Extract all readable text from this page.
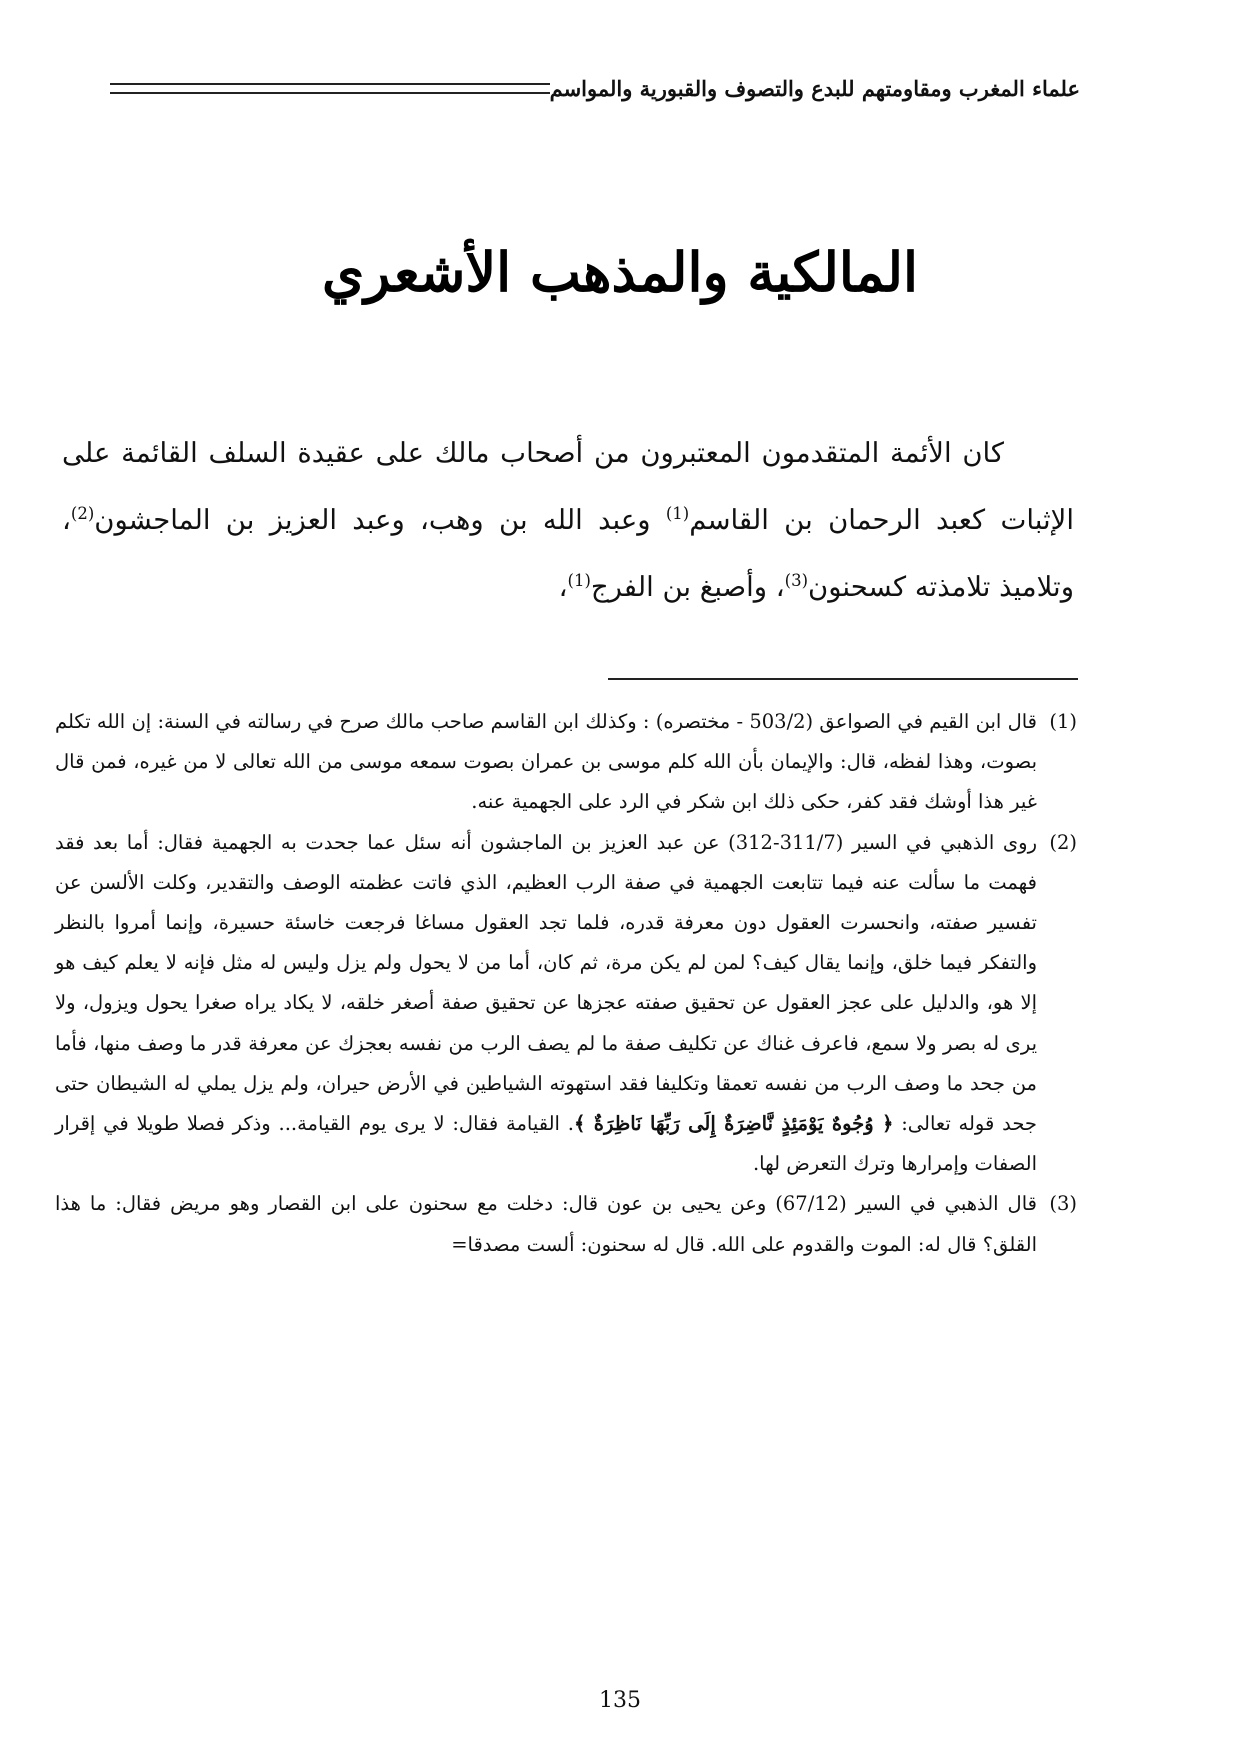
علماء المغرب ومقاومتهم للبدع والتصوف والقبورية والمواسم
المالكية والمذهب الأشعري

كان الأئمة المتقدمون المعتبرون من أصحاب مالك على عقيدة السلف القائمة على الإثبات كعبد الرحمان بن القاسم$^{(1)}$ وعبد الله بن وهب، وعبد العزيز بن الماجشون$^{(2)}$، وتلاميذ تلامذته كسحنون$^{(3)}$، وأصبغ بن الفرج$^{(1)}$،

(1)

قال ابن القيم في الصواعق (503/2 - مختصره) : وكذلك ابن القاسم صاحب مالك صرح في رسالته في السنة: إن الله تكلم بصوت، وهذا لفظه، قال: والإيمان بأن الله كلم موسى بن عمران بصوت سمعه موسى من الله تعالى لا من غيره، فمن قال غير هذا أوشك فقد كفر، حكى ذلك ابن شكر في الرد على الجهمية عنه.

(2)

روى الذهبي في السير (311/7-312) عن عبد العزيز بن الماجشون أنه سئل عما جحدت به الجهمية فقال: أما بعد فقد فهمت ما سألت عنه فيما تتابعت الجهمية في صفة الرب العظيم، الذي فاتت عظمته الوصف والتقدير، وكلت الألسن عن تفسير صفته، وانحسرت العقول دون معرفة قدره، فلما تجد العقول مساغا فرجعت خاسئة حسيرة، وإنما أمروا بالنظر والتفكر فيما خلق، وإنما يقال كيف؟ لمن لم يكن مرة، ثم كان، أما من لا يحول ولم يزل وليس له مثل فإنه لا يعلم كيف هو إلا هو، والدليل على عجز العقول عن تحقيق صفته عجزها عن تحقيق صفة أصغر خلقه، لا يكاد يراه صغرا يحول ويزول، ولا يرى له بصر ولا سمع، فاعرف غناك عن تكليف صفة ما لم يصف الرب من نفسه بعجزك عن معرفة قدر ما وصف منها، فأما من جحد ما وصف الرب من نفسه تعمقا وتكليفا فقد استهوته الشياطين في الأرض حيران، ولم يزل يملي له الشيطان حتى جحد قوله تعالى: ﴿ وُجُوهٌ يَوْمَئِذٍ نَّاضِرَةٌ إِلَى رَبِّهَا نَاظِرَةٌ ﴾. القيامة فقال: لا يرى يوم القيامة... وذكر فصلا طويلا في إقرار الصفات وإمرارها وترك التعرض لها.

(3)

قال الذهبي في السير (67/12) وعن يحيى بن عون قال: دخلت مع سحنون على ابن القصار وهو مريض فقال: ما هذا القلق؟ قال له: الموت والقدوم على الله. قال له سحنون: ألست مصدقا=

135
